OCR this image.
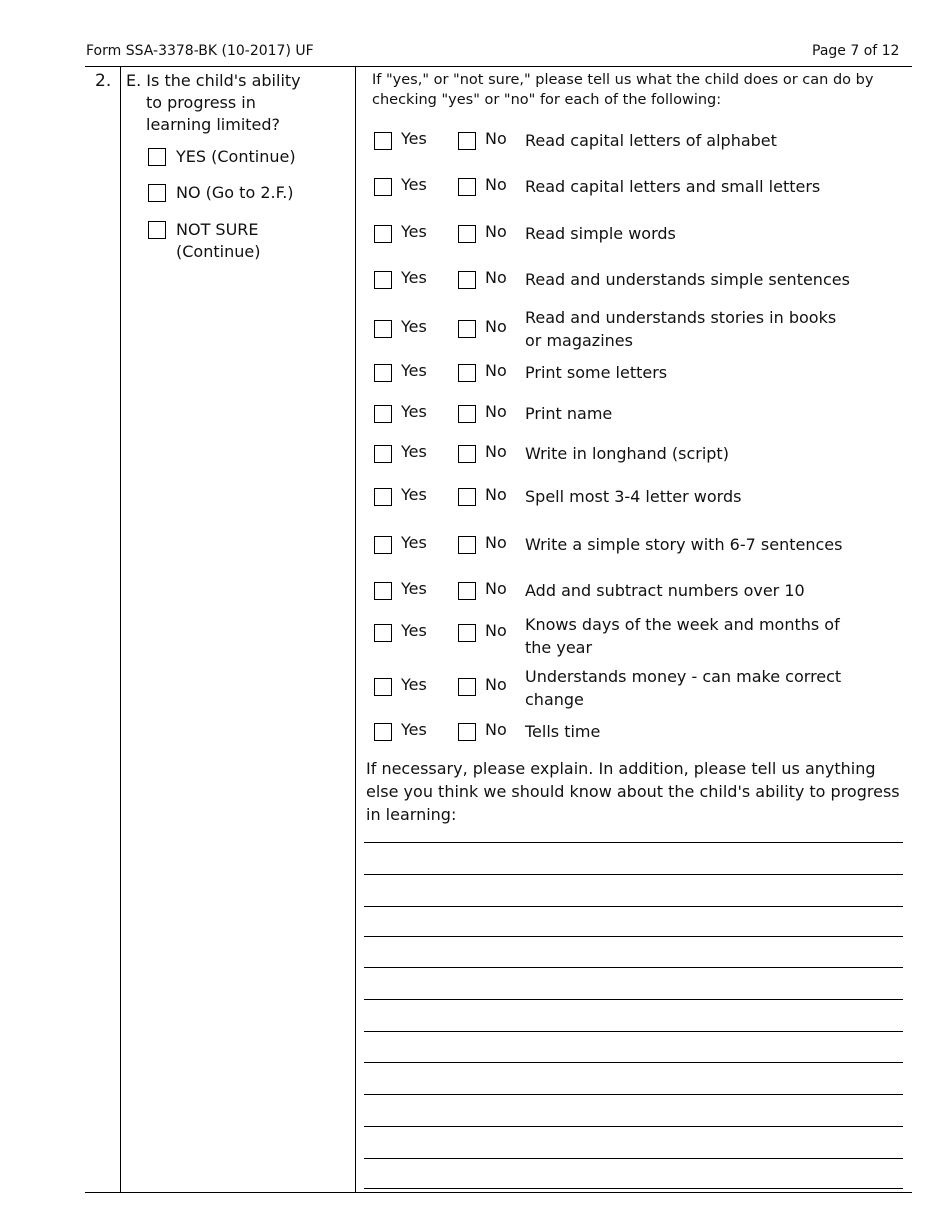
Form SSA-3378-BK (10-2017) UF	Page 7 of 12
2. E. Is the child's ability
to progress in
learning limited?
YES (Continue)
NO (Go to 2.F.)
NOT SURE
(Continue)
If "yes," or "not sure," please tell us what the child does or can do by
checking "yes" or "no" for each of the following:
Yes	No Read capital letters of alphabet
Yes	No Read capital letters and small letters
Yes	No Read simple words
Yes	No Read and understands simple sentences
Yes	No Read and understands stories in books
or magazines
Yes	No Print some letters
Yes	No Print name
Yes	No Write in longhand (script)
Yes	No Spell most 3-4 letter words
Yes	No Write a simple story with 6-7 sentences
Yes	No Add and subtract numbers over 10
Yes	No Knows days of the week and months of
the year
Yes	No Understands money - can make correct
change
Yes	No Tells time
If necessary, please explain. In addition, please tell us anything
else you think we should know about the child's ability to progress
in learning:
